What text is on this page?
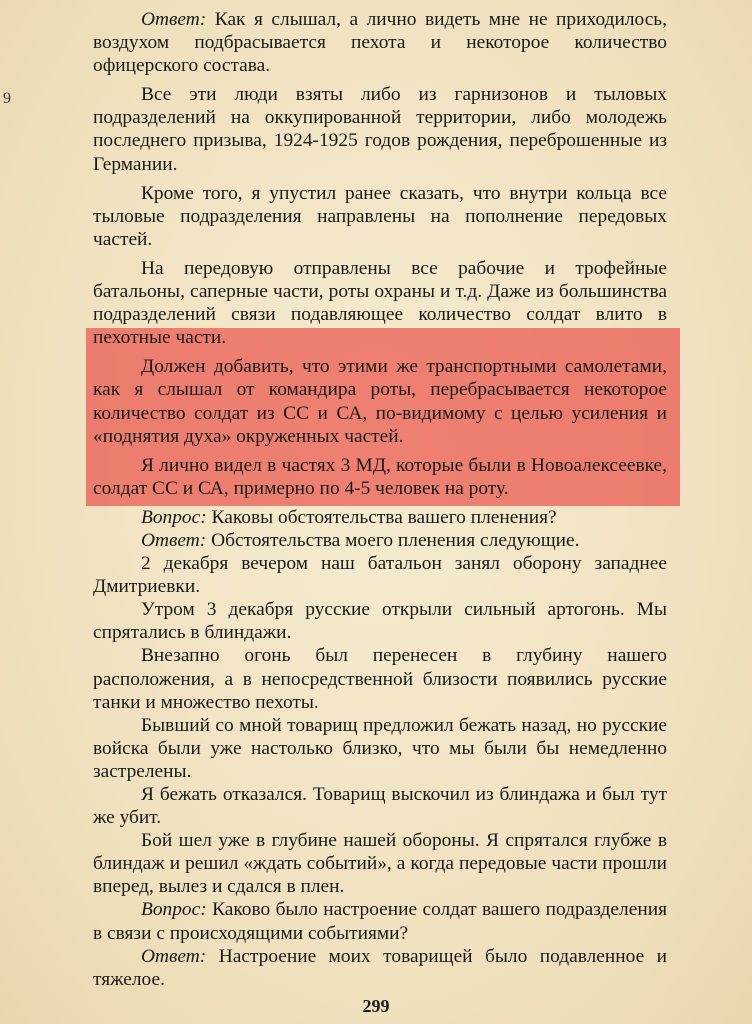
9

Ответ: Как я слышал, а лично видеть мне не приходилось, воздухом подбрасывается пехота и некоторое количество офицерского состава.

Все эти люди взяты либо из гарнизонов и тыловых подразделений на оккупированной территории, либо молодежь последнего призыва, 1924-1925 годов рождения, переброшенные из Германии.

Кроме того, я упустил ранее сказать, что внутри кольца все тыловые подразделения направлены на пополнение передовых частей.

На передовую отправлены все рабочие и трофейные батальоны, саперные части, роты охраны и т.д. Даже из большинства подразделений связи подавляющее количество солдат влито в пехотные части.

Должен добавить, что этими же транспортными самолетами, как я слышал от командира роты, перебрасывается некоторое количество солдат из СС и СА, по-видимому с целью усиления и «поднятия духа» окруженных частей.

Я лично видел в частях 3 МД, которые были в Новоалексеевке, солдат СС и СА, примерно по 4-5 человек на роту.

Вопрос: Каковы обстоятельства вашего пленения?

Ответ: Обстоятельства моего пленения следующие.

2 декабря вечером наш батальон занял оборону западнее Дмитриевки.

Утром 3 декабря русские открыли сильный артогонь. Мы спрятались в блиндажи.

Внезапно огонь был перенесен в глубину нашего расположения, а в непосредственной близости появились русские танки и множество пехоты.

Бывший со мной товарищ предложил бежать назад, но русские войска были уже настолько близко, что мы были бы немедленно застрелены.

Я бежать отказался. Товарищ выскочил из блиндажа и был тут же убит.

Бой шел уже в глубине нашей обороны. Я спрятался глубже в блиндаж и решил «ждать событий», а когда передовые части прошли вперед, вылез и сдался в плен.

Вопрос: Каково было настроение солдат вашего подразделения в связи с происходящими событиями?

Ответ: Настроение моих товарищей было подавленное и тяжелое.

299
